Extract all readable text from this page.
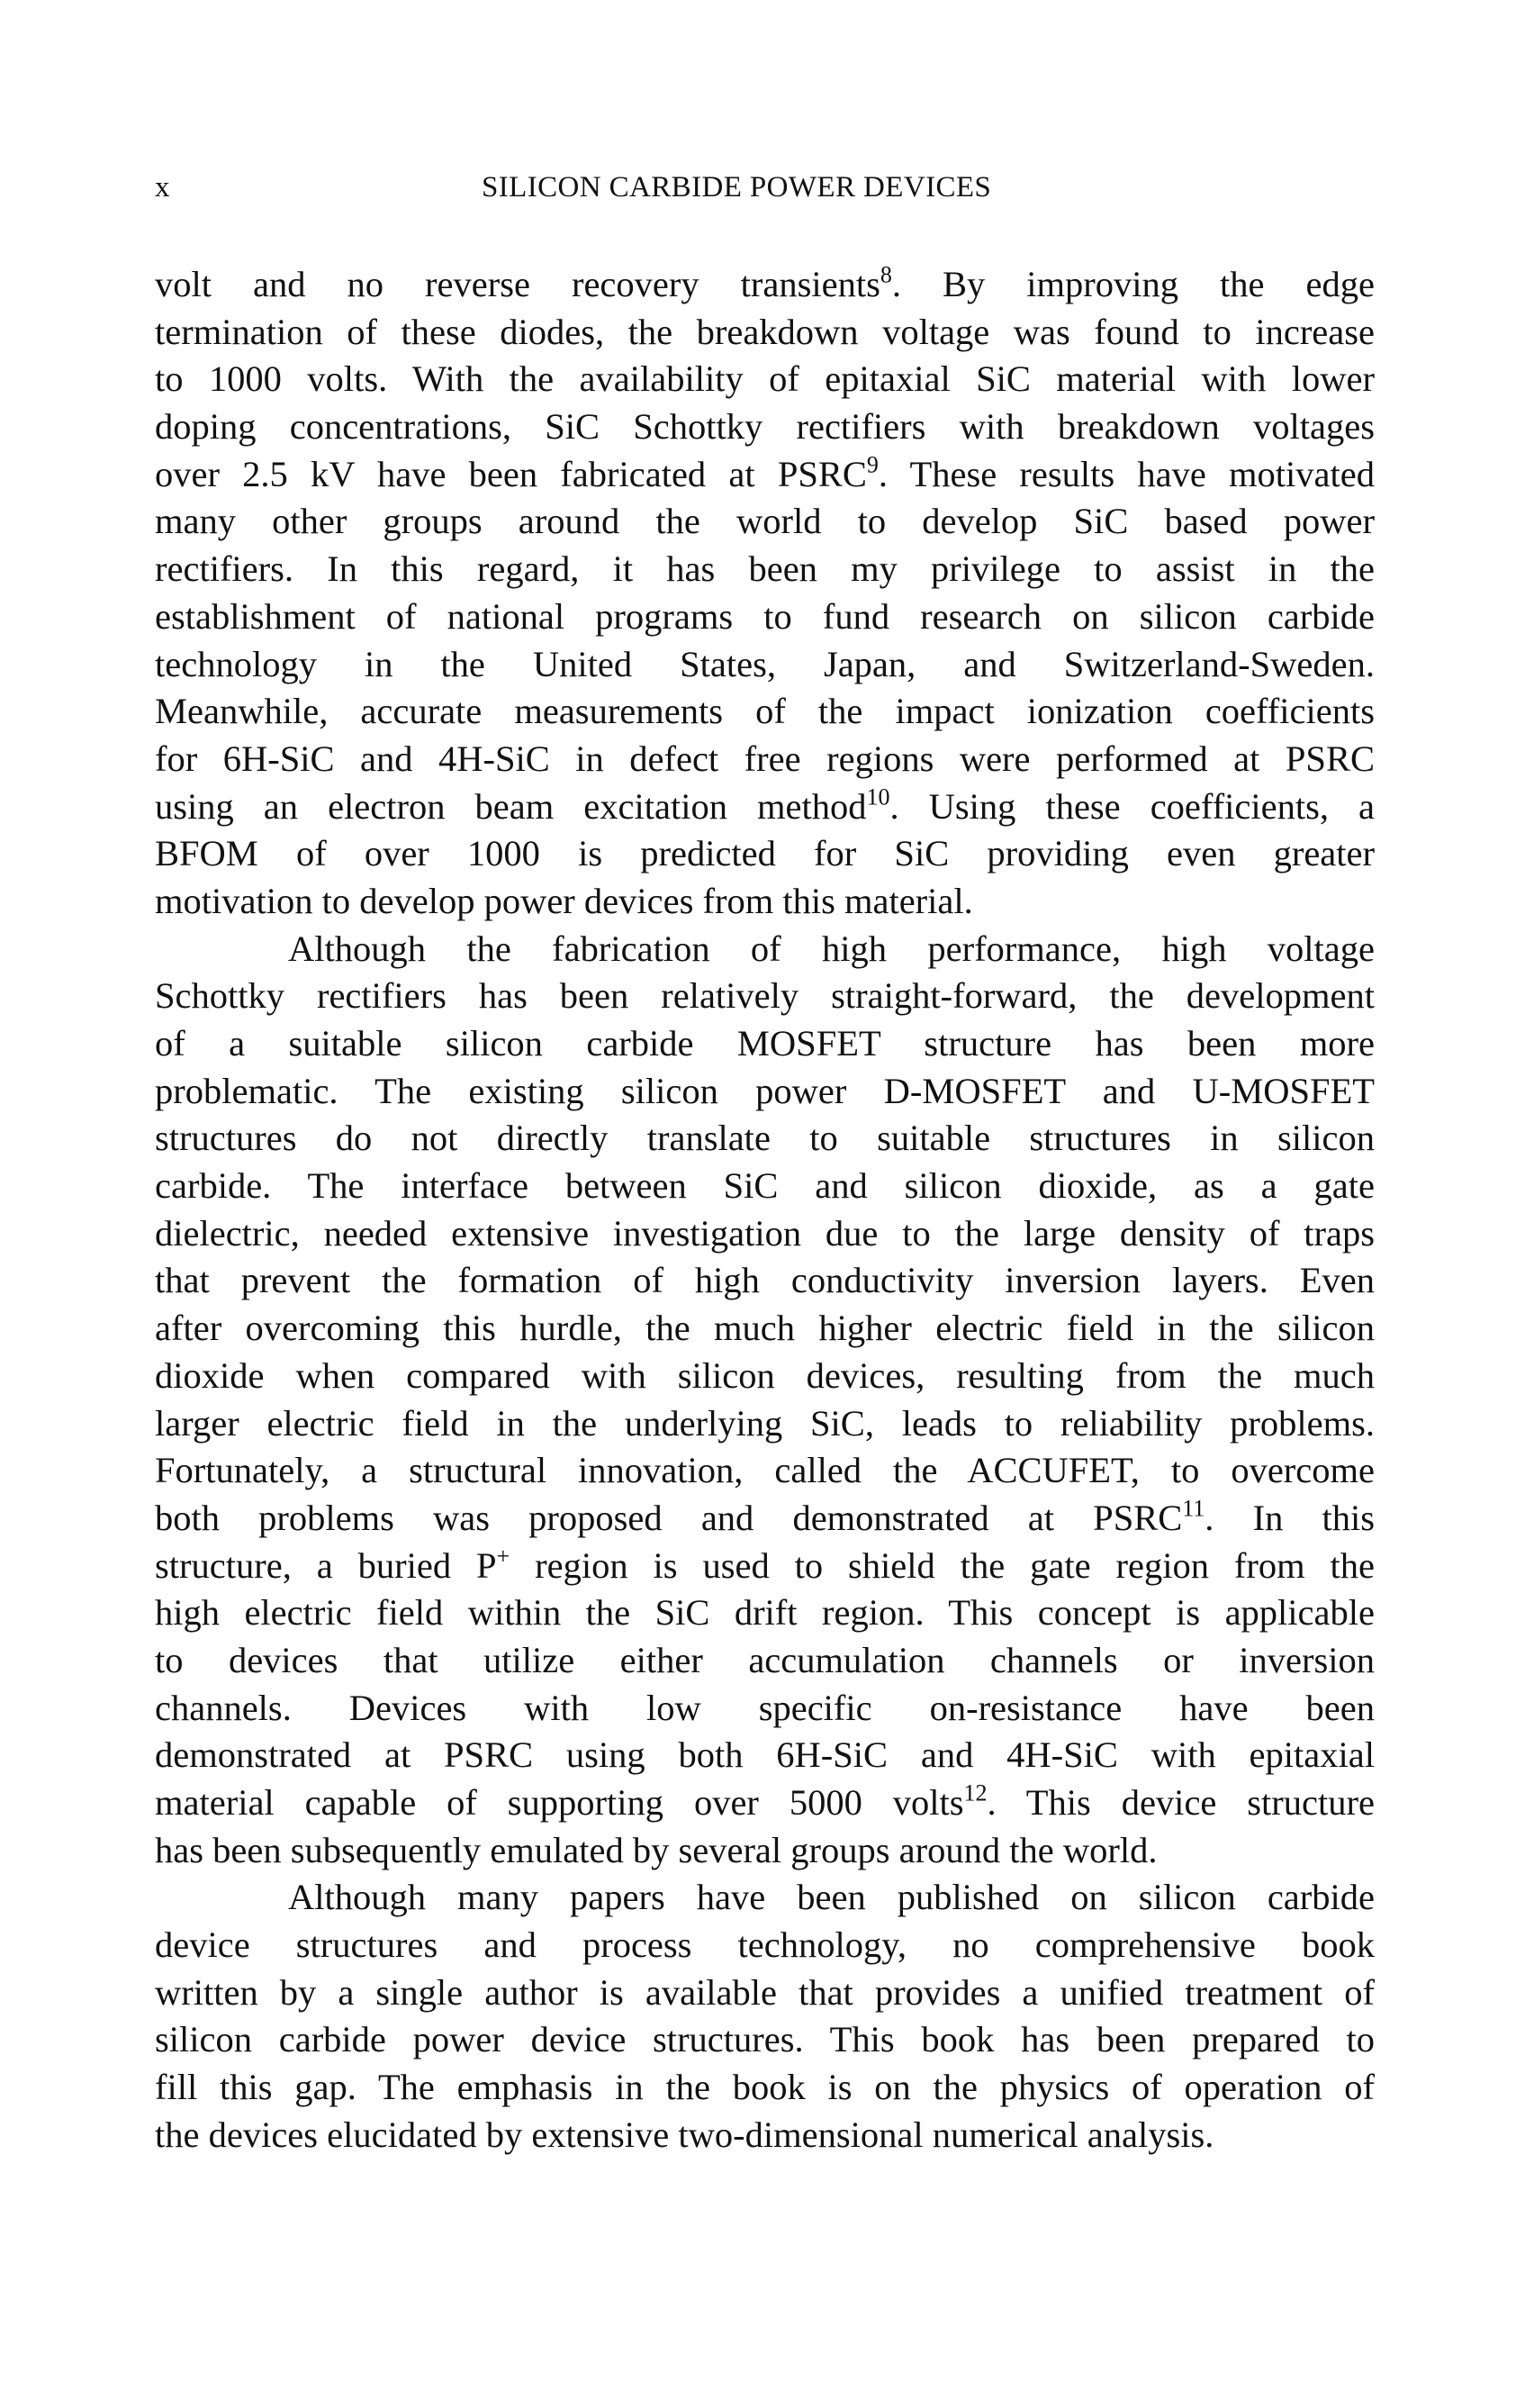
x	SILICON CARBIDE POWER DEVICES
volt and no reverse recovery transients$^8$. By improving the edge
termination of these diodes, the breakdown voltage was found to increase
to 1000 volts. With the availability of epitaxial SiC material with lower
doping concentrations, SiC Schottky rectifiers with breakdown voltages
over 2.5 kV have been fabricated at PSRC$^9$. These results have motivated
many other groups around the world to develop SiC based power
rectifiers. In this regard, it has been my privilege to assist in the
establishment of national programs to fund research on silicon carbide
technology in the United States, Japan, and Switzerland-Sweden.
Meanwhile, accurate measurements of the impact ionization coefficients
for 6H-SiC and 4H-SiC in defect free regions were performed at PSRC
using an electron beam excitation method$^{10}$. Using these coefficients, a
BFOM of over 1000 is predicted for SiC providing even greater
motivation to develop power devices from this material.
Although the fabrication of high performance, high voltage
Schottky rectifiers has been relatively straight-forward, the development
of a suitable silicon carbide MOSFET structure has been more
problematic. The existing silicon power D-MOSFET and U-MOSFET
structures do not directly translate to suitable structures in silicon
carbide. The interface between SiC and silicon dioxide, as a gate
dielectric, needed extensive investigation due to the large density of traps
that prevent the formation of high conductivity inversion layers. Even
after overcoming this hurdle, the much higher electric field in the silicon
dioxide when compared with silicon devices, resulting from the much
larger electric field in the underlying SiC, leads to reliability problems.
Fortunately, a structural innovation, called the ACCUFET, to overcome
both problems was proposed and demonstrated at PSRC$^{11}$. In this
structure, a buried P+ region is used to shield the gate region from the
high electric field within the SiC drift region. This concept is applicable
to devices that utilize either accumulation channels or inversion
channels. Devices with low specific on-resistance have been
demonstrated at PSRC using both 6H-SiC and 4H-SiC with epitaxial
material capable of supporting over 5000 volts$^{12}$. This device structure
has been subsequently emulated by several groups around the world.
Although many papers have been published on silicon carbide
device structures and process technology, no comprehensive book
written by a single author is available that provides a unified treatment of
silicon carbide power device structures. This book has been prepared to
fill this gap. The emphasis in the book is on the physics of operation of
the devices elucidated by extensive two-dimensional numerical analysis.
